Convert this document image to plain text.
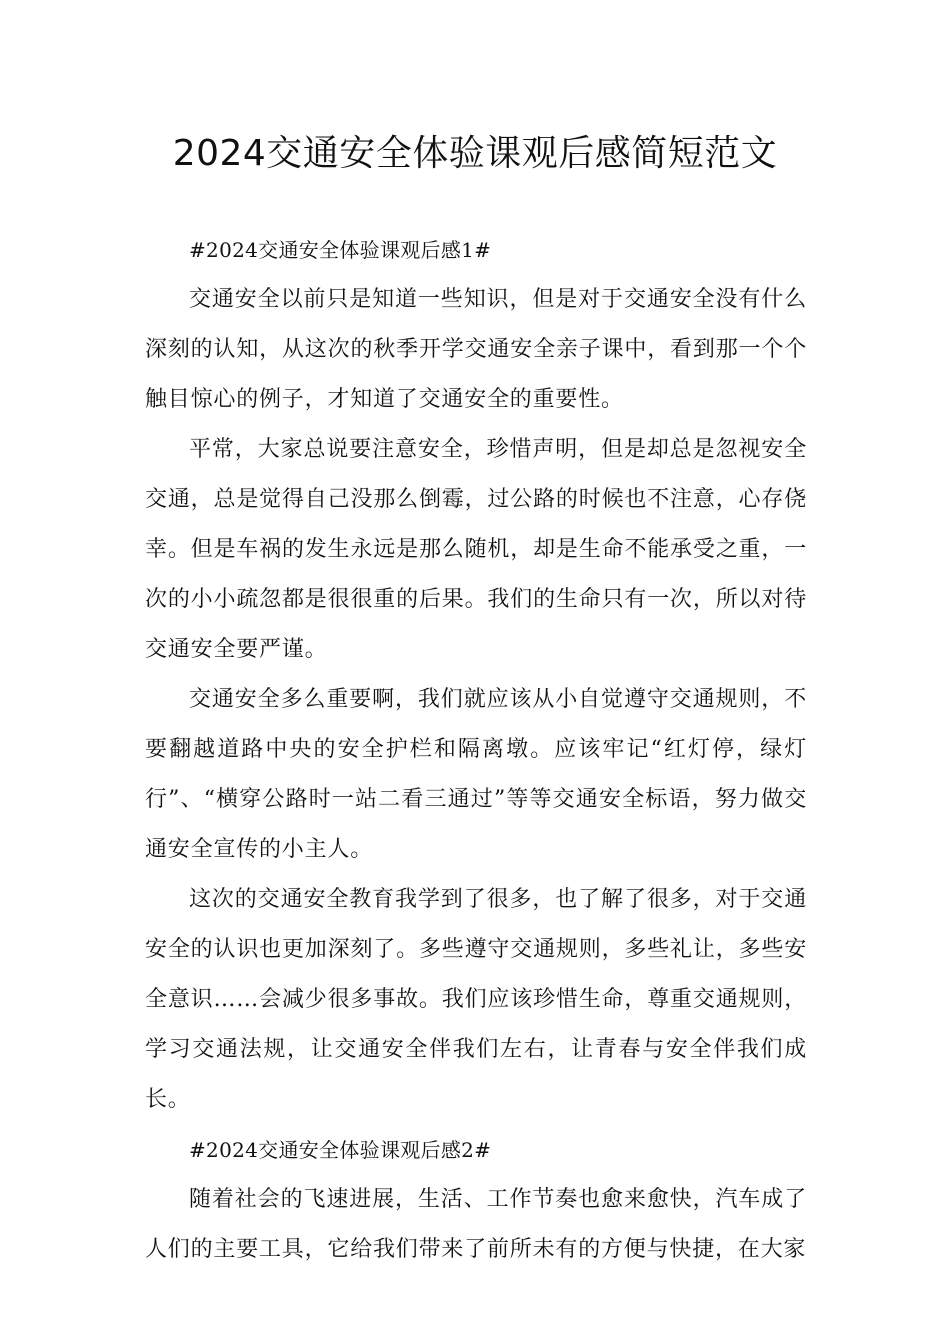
2024交通安全体验课观后感简短范文

#2024交通安全体验课观后感1#

交通安全以前只是知道一些知识，但是对于交通安全没有什么深刻的认知，从这次的秋季开学交通安全亲子课中，看到那一个个触目惊心的例子，才知道了交通安全的重要性。

平常，大家总说要注意安全，珍惜声明，但是却总是忽视安全交通，总是觉得自己没那么倒霉，过公路的时候也不注意，心存侥幸。但是车祸的发生永远是那么随机，却是生命不能承受之重，一次的小小疏忽都是很很重的后果。我们的生命只有一次，所以对待交通安全要严谨。

交通安全多么重要啊，我们就应该从小自觉遵守交通规则，不要翻越道路中央的安全护栏和隔离墩。应该牢记“红灯停，绿灯行”、“横穿公路时一站二看三通过”等等交通安全标语，努力做交通安全宣传的小主人。

这次的交通安全教育我学到了很多，也了解了很多，对于交通安全的认识也更加深刻了。多些遵守交通规则，多些礼让，多些安全意识……会减少很多事故。我们应该珍惜生命，尊重交通规则，学习交通法规，让交通安全伴我们左右，让青春与安全伴我们成长。

#2024交通安全体验课观后感2#

随着社会的飞速进展，生活、工作节奏也愈来愈快，汽车成了人们的主要工具，它给我们带来了前所未有的方便与快捷，在大家
